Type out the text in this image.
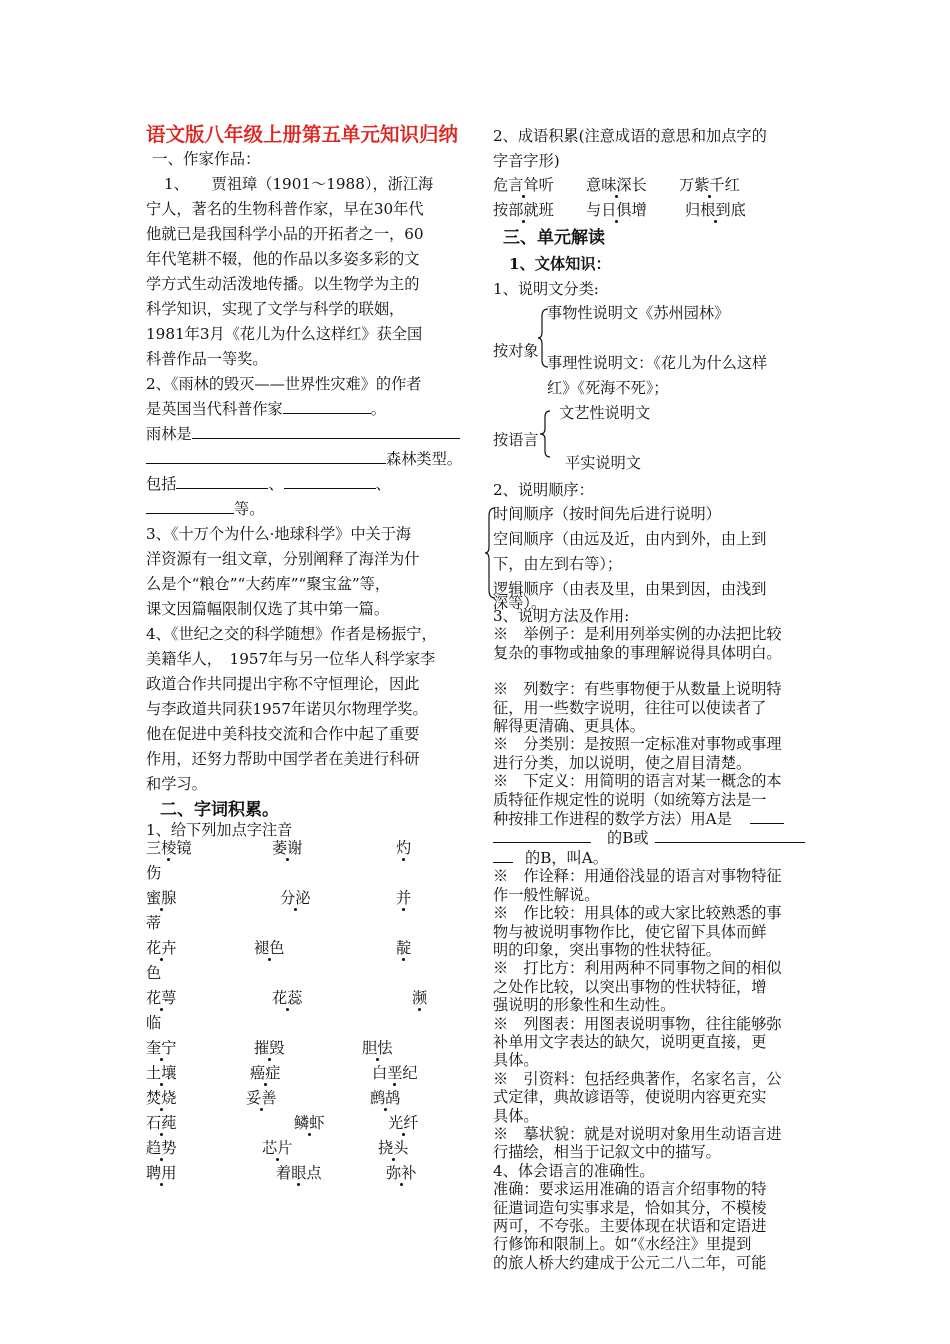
语文版八年级上册第五单元知识归纳
一、作家作品：
1、　　贾祖璋（1901～1988），浙江海
宁人，著名的生物科普作家，早在30年代
他就已是我国科学小品的开拓者之一，60
年代笔耕不辍，他的作品以多姿多彩的文
学方式生动活泼地传播。以生物学为主的
科学知识，实现了文学与科学的联姻，
1981年3月《花儿为什么这样红》获全国
科普作品一等奖。
2、《雨林的毁灭——世界性灾难》的作者
是英国当代科普作家	。
雨林是
森林类型。
包括	、	、
等。
3、《十万个为什么·地球科学》中关于海
洋资源有一组文章，分别阐释了海洋为什
么是个“粮仓”“大药库”“聚宝盆”等，
课文因篇幅限制仅选了其中第一篇。
4、《世纪之交的科学随想》作者是杨振宁，
美籍华人，　1957年与另一位华人科学家李
政道合作共同提出宇称不守恒理论，因此
与李政道共同获1957年诺贝尔物理学奖。
他在促进中美科技交流和合作中起了重要
作用，还努力帮助中国学者在美进行科研
和学习。
二、字词积累。
1、给下列加点字注音
三棱镜	萎谢	灼
伤
蜜腺	分泌	并
蒂
花卉	褪色	靛
色
花萼	花蕊	濒
临
奎宁	摧毁	胆怯
土壤	癌症	白垩纪
焚烧	妥善	鹧鸪
石莼	鳞虾	光纤
趋势	芯片	挠头
聘用	着眼点	弥补
2、成语积累(注意成语的意思和加点字的
字音字形)
危言耸听 意味深长 万紫千红
按部就班 与日俱增	归根到底
三、单元解读
1、文体知识：
1、说明文分类:
按对象
事物性说明文《苏州园林》
事理性说明文：《花儿为什么这样
红》《死海不死》；
按语言
文艺性说明文
平实说明文
2、说明顺序：
时间顺序（按时间先后进行说明）
空间顺序（由远及近，由内到外，由上到
下，由左到右等）；
逻辑顺序（由表及里，由果到因，由浅到
深等）。
3、说明方法及作用:
※　举例子：是利用列举实例的办法把比较
复杂的事物或抽象的事理解说得具体明白。
※　列数字：有些事物便于从数量上说明特
征，用一些数字说明，往往可以使读者了
解得更清确、更具体。
※　分类别：是按照一定标准对事物或事理
进行分类，加以说明，使之眉目清楚。
※　下定义：用简明的语言对某一概念的本
质特征作规定性的说明（如统筹方法是一
种按排工作进程的数学方法）用A是
的B或
的B，叫A。
※　作诠释：用通俗浅显的语言对事物特征
作一般性解说。
※　作比较：用具体的或大家比较熟悉的事
物与被说明事物作比，使它留下具体而鲜
明的印象，突出事物的性状特征。
※　打比方：利用两种不同事物之间的相似
之处作比较，以突出事物的性状特征，增
强说明的形象性和生动性。
※　列图表：用图表说明事物，往往能够弥
补单用文字表达的缺欠，说明更直接，更
具体。
※　引资料：包括经典著作，名家名言，公
式定律，典故谚语等，使说明内容更充实
具体。
※　摹状貌：就是对说明对象用生动语言进
行描绘，相当于记叙文中的描写。
4、体会语言的准确性。
准确：要求运用准确的语言介绍事物的特
征遣词造句实事求是，恰如其分，不模棱
两可，不夸张。主要体现在状语和定语进
行修饰和限制上。如“《水经注》里提到
的旅人桥大约建成于公元二八二年，可能
